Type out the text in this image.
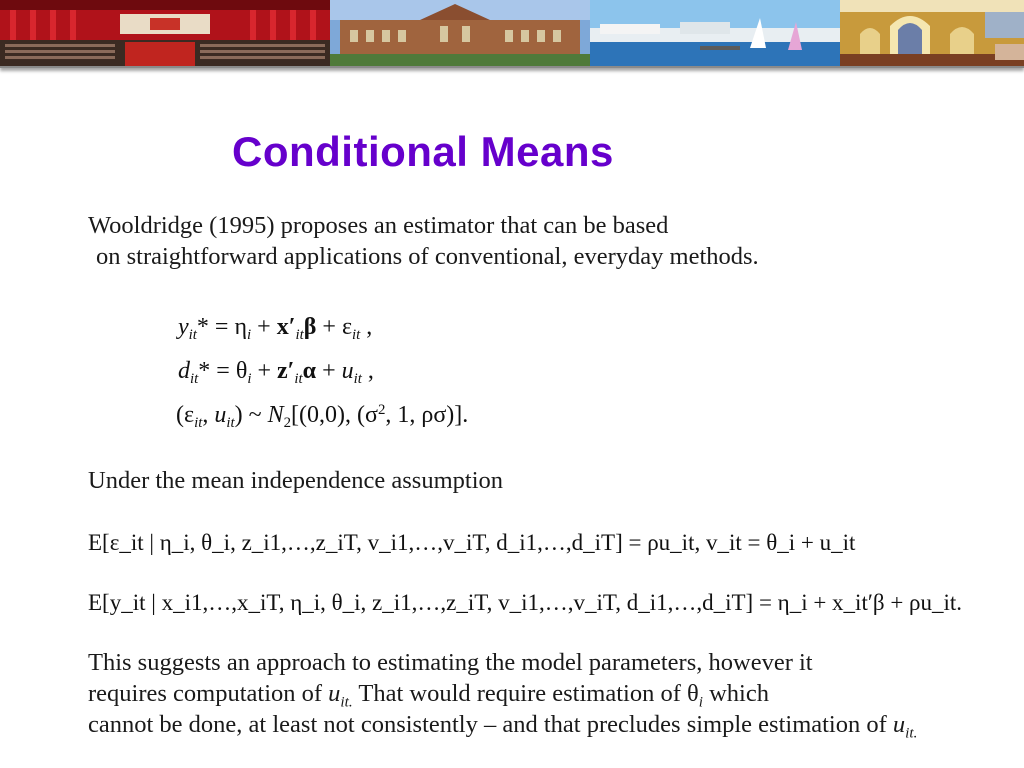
Conditional Means
Wooldridge (1995) proposes an estimator that can be based
on straightforward applications of conventional, everyday methods.
$y_{it}* = \eta_i + x'_{it}\beta + \varepsilon_{it}$ ,
$d_{it}* = \theta_i + z'_{it}\alpha + u_{it}$ ,
($\varepsilon_{it}$, $u_{it}$) ~ $N_2[(0,0)$, ($\sigma^2$, 1, ρσ)].
Under the mean independence assumption
E[ε_it | η_i, θ_i, z_i1,…,z_iT, v_i1,…,v_iT, d_i1,…,d_iT] = ρu_it, v_it = θ_i + u_it
E[y_it | x_i1,…,x_iT, η_i, θ_i, z_i1,…,z_iT, v_i1,…,v_iT, d_i1,…,d_iT] = η_i + x_it′β + ρu_it.
This suggests an approach to estimating the model parameters, however it
requires computation of $u_{it.}$ That would require estimation of $\theta_i$ which
cannot be done, at least not consistently – and that precludes simple estimation of $u_{it.}$
